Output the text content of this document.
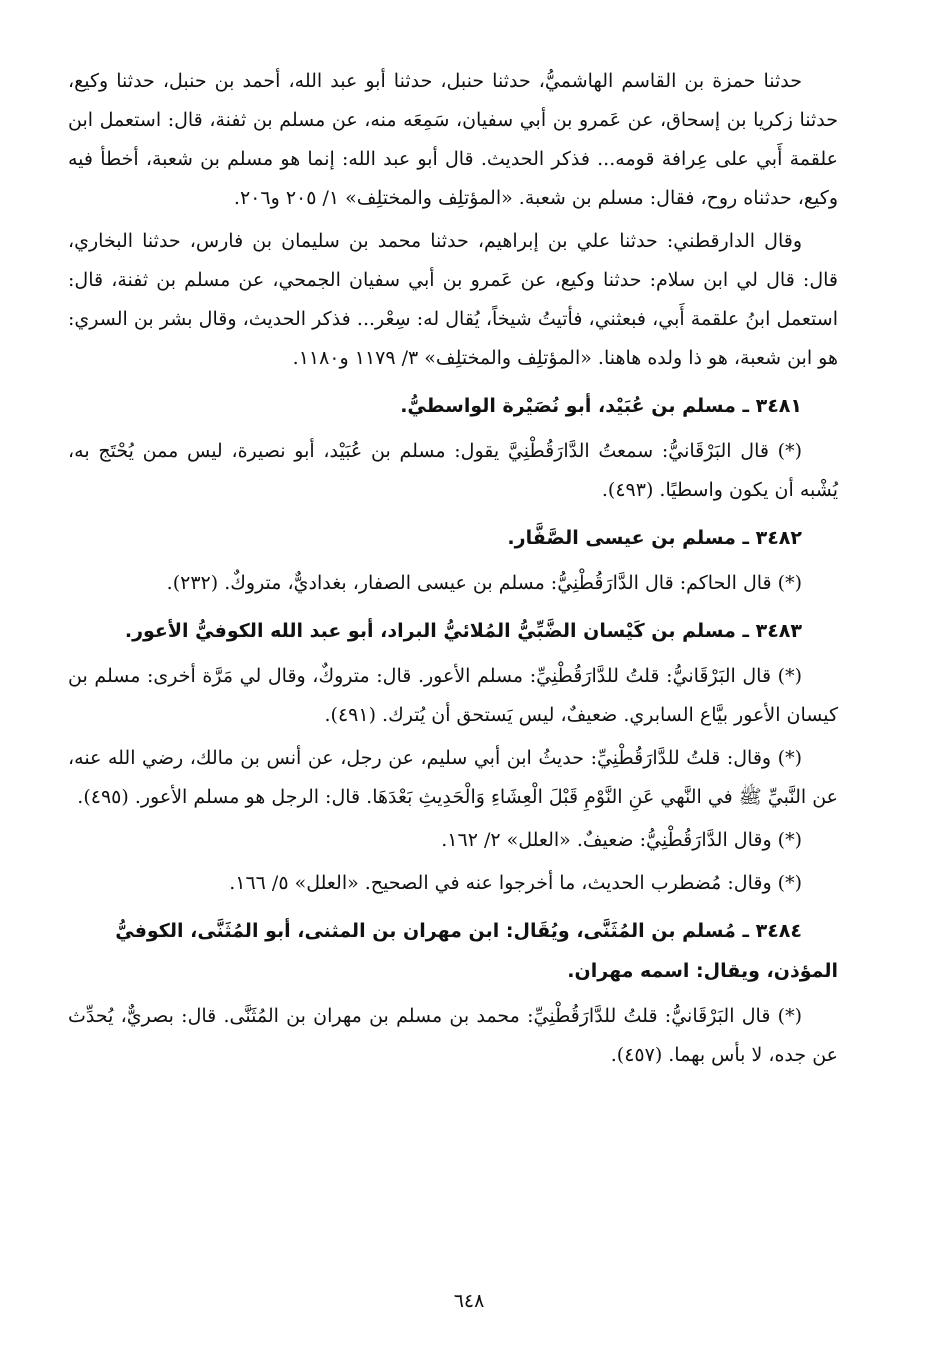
حدثنا حمزة بن القاسم الهاشميُّ، حدثنا حنبل، حدثنا أبو عبد الله، أحمد بن حنبل، حدثنا وكيع، حدثنا زكريا بن إسحاق، عن عَمرو بن أبي سفيان، سَمِعَه منه، عن مسلم بن ثفنة، قال: استعمل ابن علقمة أَبي على عِرافة قومه... فذكر الحديث. قال أبو عبد الله: إنما هو مسلم بن شعبة، أخطأ فيه وكيع، حدثناه روح، فقال: مسلم بن شعبة. «المؤتلِف والمختلِف» ١/ ٢٠٥ و٢٠٦.

وقال الدارقطني: حدثنا علي بن إبراهيم، حدثنا محمد بن سليمان بن فارس، حدثنا البخاري، قال: قال لي ابن سلام: حدثنا وكيع، عن عَمرو بن أبي سفيان الجمحي، عن مسلم بن ثفنة، قال: استعمل ابنُ علقمة أَبي، فبعثني، فأتيتُ شيخاً، يُقال له: سِعْر... فذكر الحديث، وقال بشر بن السري: هو ابن شعبة، هو ذا ولده هاهنا. «المؤتلِف والمختلِف» ٣/ ١١٧٩ و١١٨٠.

٣٤٨١ ـ مسلم بن عُبَيْد، أبو نُصَيْرة الواسطيُّ.

(*) قال البَرْقَانيُّ: سمعتُ الدَّارَقُطْنِيَّ يقول: مسلم بن عُبَيْد، أبو نصيرة، ليس ممن يُحْتَج به، يُشْبه أن يكون واسطيًا. (٤٩٣).

٣٤٨٢ ـ مسلم بن عيسى الصَّفَّار.

(*) قال الحاكم: قال الدَّارَقُطْنِيُّ: مسلم بن عيسى الصفار، بغداديٌّ، متروكٌ. (٢٣٢).

٣٤٨٣ ـ مسلم بن كَيْسان الضَّبِّيُّ المُلائيُّ البراد، أبو عبد الله الكوفيُّ الأعور.

(*) قال البَرْقَانيُّ: قلتُ للدَّارَقُطْنِيِّ: مسلم الأعور. قال: متروكٌ، وقال لي مَرَّة أخرى: مسلم بن كيسان الأعور بيَّاع السابري. ضعيفٌ، ليس يَستحق أن يُترك. (٤٩١).

(*) وقال: قلتُ للدَّارَقُطْنِيِّ: حديثُ ابن أبي سليم، عن رجل، عن أنس بن مالك، رضي الله عنه، عن النَّبيِّ ﷺ في النَّهي عَنِ النَّوْمِ قَبْلَ الْعِشَاءِ وَالْحَدِيثِ بَعْدَهَا. قال: الرجل هو مسلم الأعور. (٤٩٥).

(*) وقال الدَّارَقُطْنِيُّ: ضعيفٌ. «العلل» ٢/ ١٦٢.

(*) وقال: مُضطرب الحديث، ما أخرجوا عنه في الصحيح. «العلل» ٥/ ١٦٦.

٣٤٨٤ ـ مُسلم بن المُثَنَّى، ويُقَال: ابن مهران بن المثنى، أبو المُثَنَّى، الكوفيُّ المؤذن، ويقال: اسمه مهران.

(*) قال البَرْقَانيُّ: قلتُ للدَّارَقُطْنِيِّ: محمد بن مسلم بن مهران بن المُثَنَّى. قال: بصريٌّ، يُحدِّث عن جده، لا بأس بهما. (٤٥٧).

٦٤٨
